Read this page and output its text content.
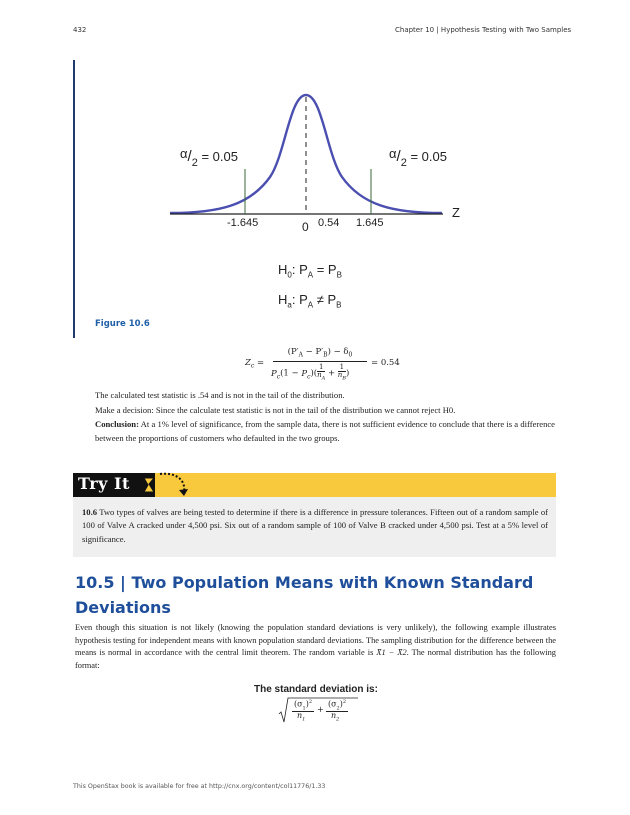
432	Chapter 10 | Hypothesis Testing with Two Samples
$\alpha/_2 = 0.05$	$\alpha/_2 = 0.05$
Z
-1.645	0 0.54 1.645
$H_0$: $P_A = P_B$
$H_a$: $P_A \ne P_B$
Figure 10.6
$Z_c$ =
$(P'_A - P'_B) - \delta_0$
$P_c(1 - P_c)( \frac{1}{n_A} + \frac{1}{n_B})$
= 0.54

The calculated test statistic is .54 and is not in the tail of the distribution.

Make a decision: Since the calculate test statistic is not in the tail of the distribution we cannot reject H0.

Conclusion: At a 1% level of significance, from the sample data, there is not sufficient evidence to conclude that there is a difference between the proportions of customers who defaulted in the two groups.

Try It
10.6 Two types of valves are being tested to determine if there is a difference in pressure tolerances. Fifteen out of a random sample of 100 of Valve A cracked under 4,500 psi. Six out of a random sample of 100 of Valve B cracked under 4,500 psi. Test at a 5% level of significance.
10.5 | Two Population Means with Known Standard Deviations
Even though this situation is not likely (knowing the population standard deviations is very unlikely), the following example illustrates hypothesis testing for independent means with known population standard deviations. The sampling distribution for the difference between the means is normal in accordance with the central limit theorem. The random variable is X̄1 − X̄2. The normal distribution has the following format:
The standard deviation is:
$(\sigma_1)^2$
$n_1$
+
$(\sigma_2)^2$
$n_2$
This OpenStax book is available for free at http://cnx.org/content/col11776/1.33
